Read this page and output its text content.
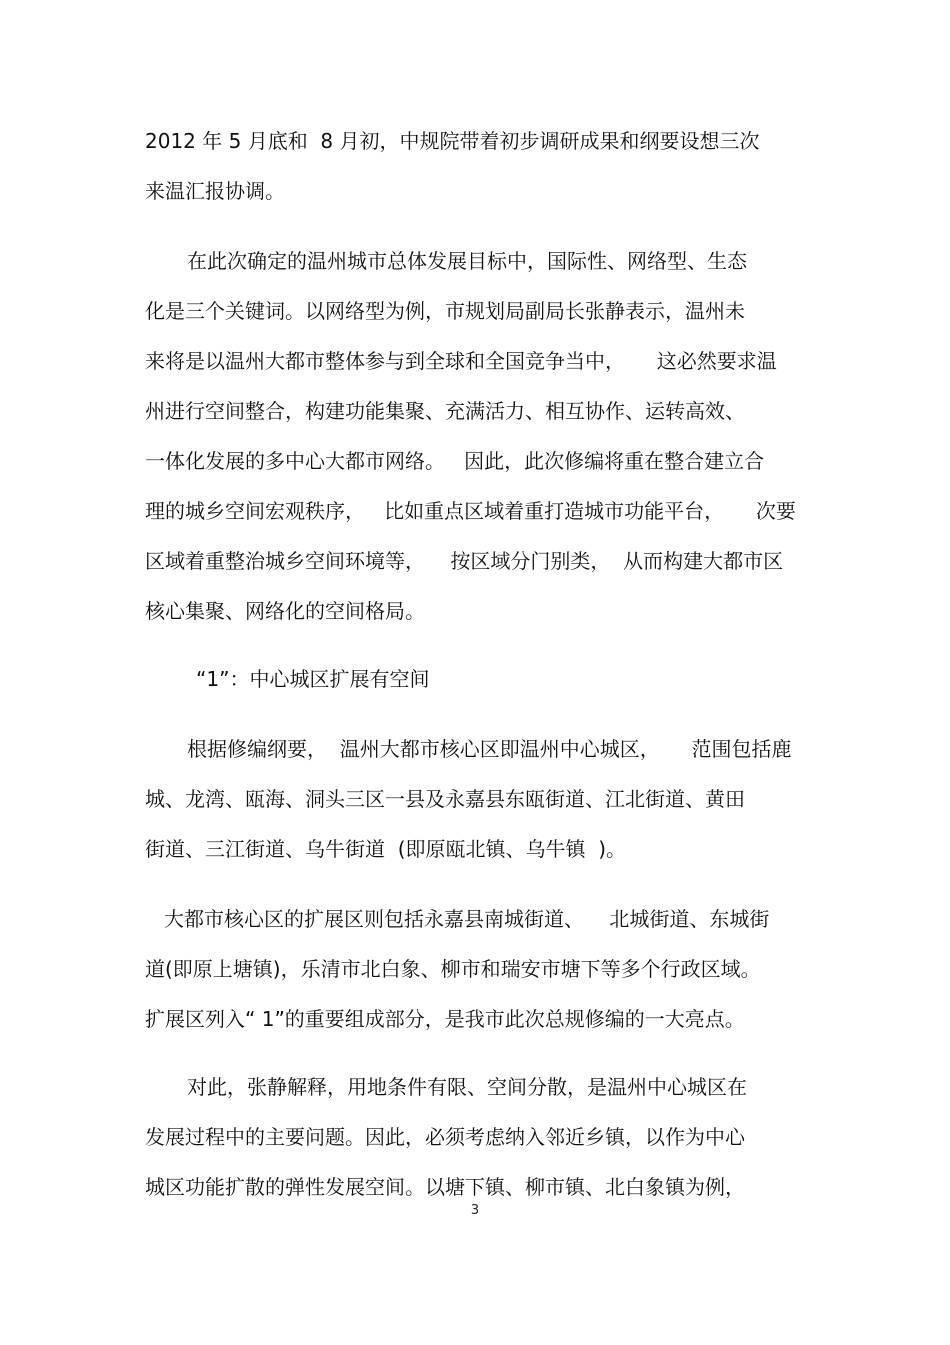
2012 年 5 月底和  8 月初，中规院带着初步调研成果和纲要设想三次
来温汇报协调。
在此次确定的温州城市总体发展目标中，国际性、网络型、生态
化是三个关键词。以网络型为例，市规划局副局长张静表示，温州未
来将是以温州大都市整体参与到全球和全国竞争当中，     这必然要求温
州进行空间整合，构建功能集聚、充满活力、相互协作、运转高效、
一体化发展的多中心大都市网络。   因此，此次修编将重在整合建立合
理的城乡空间宏观秩序，   比如重点区域着重打造城市功能平台，     次要
区域着重整治城乡空间环境等，    按区域分门别类，  从而构建大都市区
核心集聚、网络化的空间格局。
“1”：中心城区扩展有空间
根据修编纲要，  温州大都市核心区即温州中心城区，     范围包括鹿
城、龙湾、瓯海、洞头三区一县及永嘉县东瓯街道、江北街道、黄田
街道、三江街道、乌牛街道  (即原瓯北镇、乌牛镇  )。
大都市核心区的扩展区则包括永嘉县南城街道、    北城街道、东城街
道(即原上塘镇)，乐清市北白象、柳市和瑞安市塘下等多个行政区域。
扩展区列入“ 1”的重要组成部分，是我市此次总规修编的一大亮点。
对此，张静解释，用地条件有限、空间分散，是温州中心城区在
发展过程中的主要问题。因此，必须考虑纳入邻近乡镇，以作为中心
城区功能扩散的弹性发展空间。以塘下镇、柳市镇、北白象镇为例，
3
